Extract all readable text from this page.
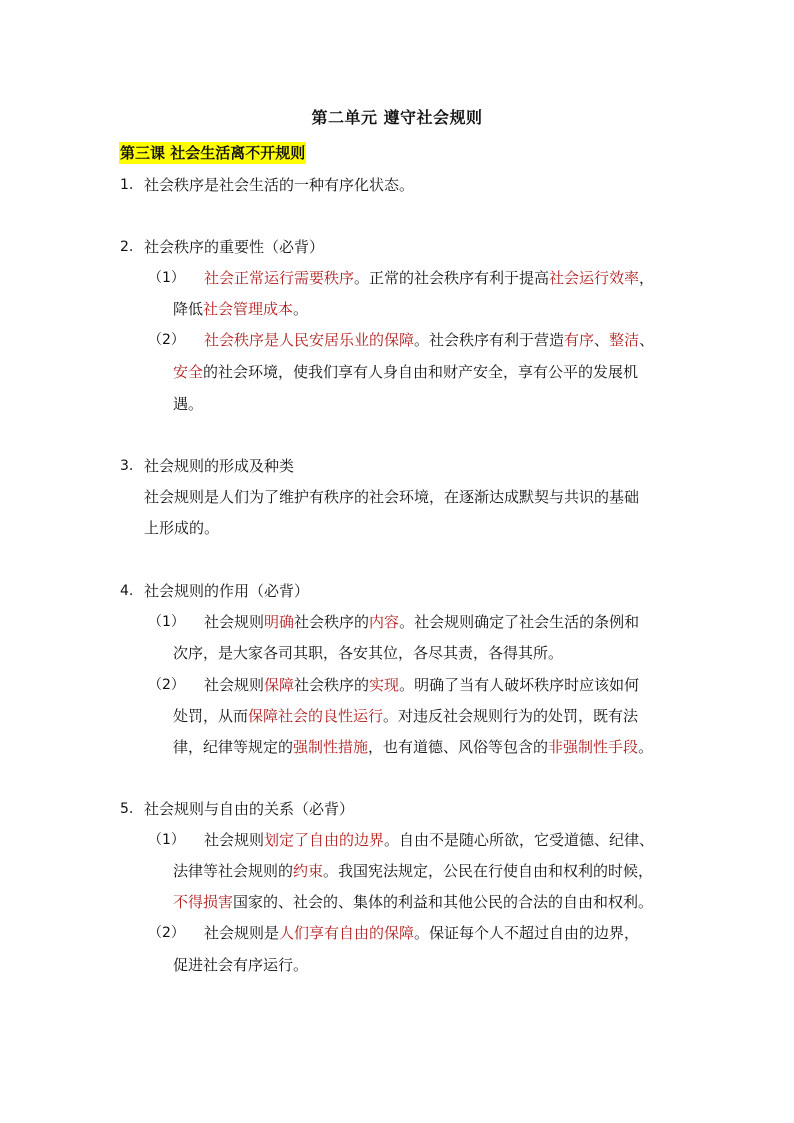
第二单元 遵守社会规则
第三课 社会生活离不开规则
1. 社会秩序是社会生活的一种有序化状态。
2. 社会秩序的重要性（必背）
（1） 社会正常运行需要秩序。正常的社会秩序有利于提高社会运行效率，
降低社会管理成本。
（2） 社会秩序是人民安居乐业的保障。社会秩序有利于营造有序、整洁、
安全的社会环境，使我们享有人身自由和财产安全，享有公平的发展机
遇。
3. 社会规则的形成及种类
社会规则是人们为了维护有秩序的社会环境，在逐渐达成默契与共识的基础
上形成的。
4. 社会规则的作用（必背）
（1） 社会规则明确社会秩序的内容。社会规则确定了社会生活的条例和
次序，是大家各司其职，各安其位，各尽其责，各得其所。
（2） 社会规则保障社会秩序的实现。明确了当有人破坏秩序时应该如何
处罚，从而保障社会的良性运行。对违反社会规则行为的处罚，既有法
律，纪律等规定的强制性措施，也有道德、风俗等包含的非强制性手段。
5. 社会规则与自由的关系（必背）
（1） 社会规则划定了自由的边界。自由不是随心所欲，它受道德、纪律、
法律等社会规则的约束。我国宪法规定，公民在行使自由和权利的时候，
不得损害国家的、社会的、集体的利益和其他公民的合法的自由和权利。
（2） 社会规则是人们享有自由的保障。保证每个人不超过自由的边界，
促进社会有序运行。
